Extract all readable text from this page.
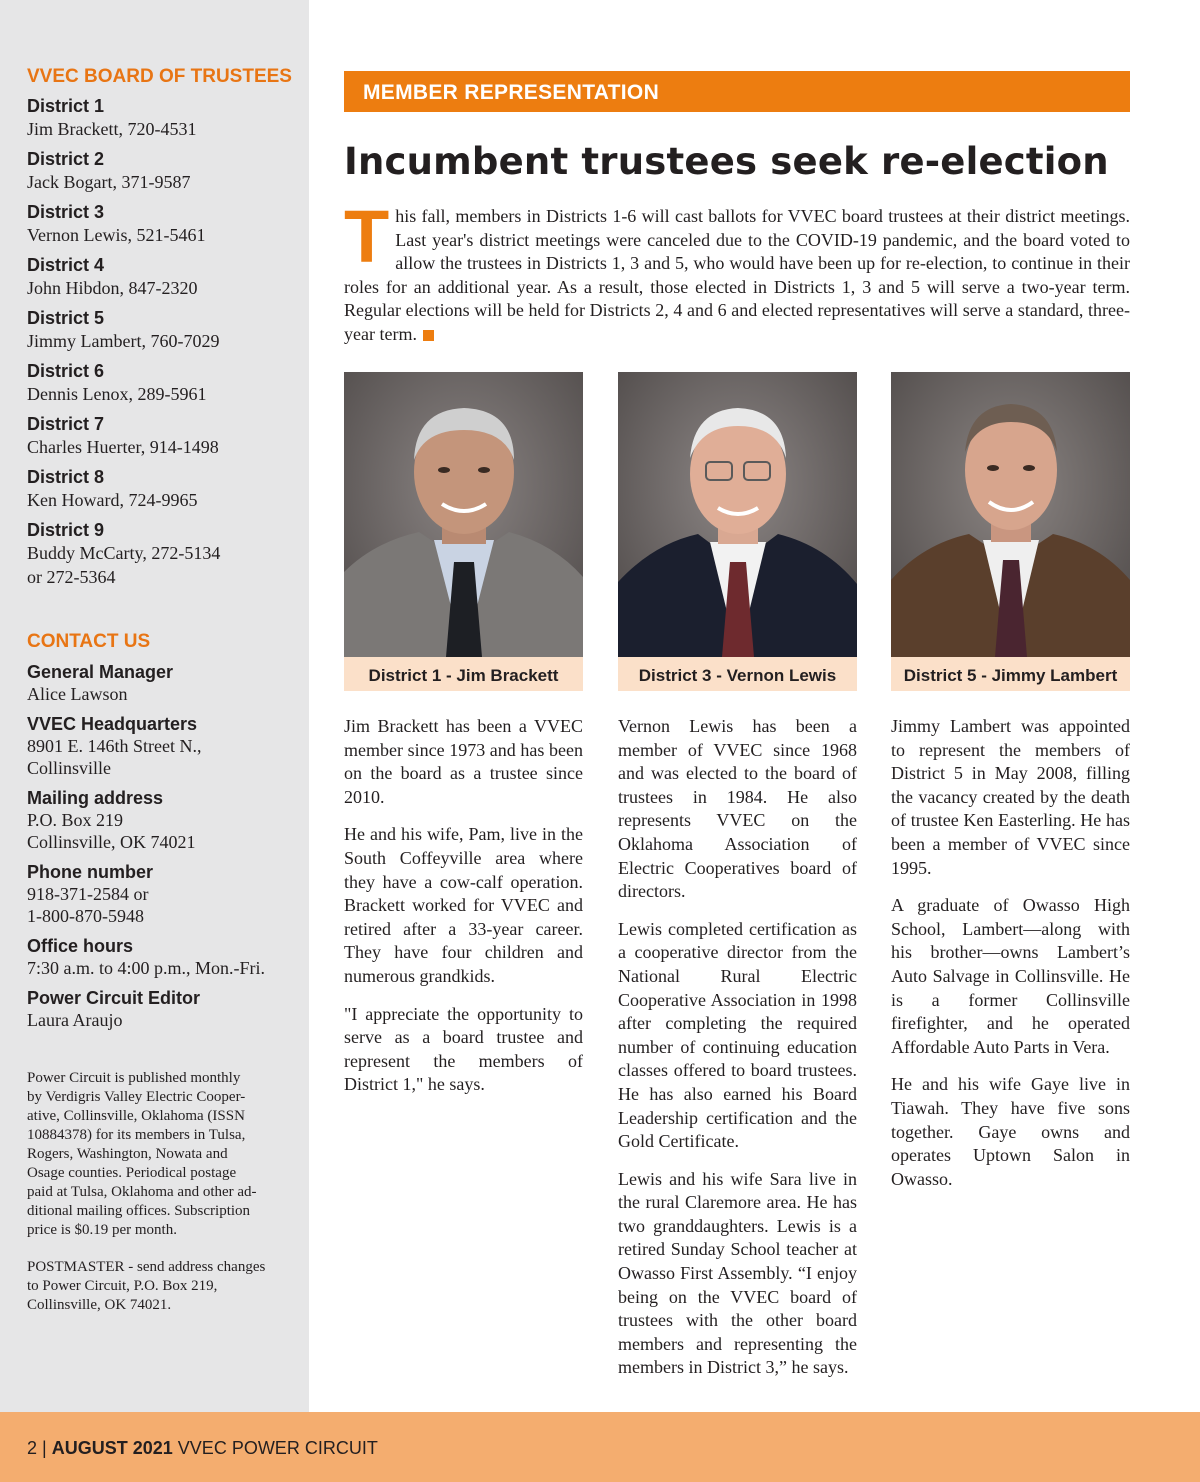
VVEC BOARD OF TRUSTEES
District 1
Jim Brackett, 720-4531
District 2
Jack Bogart, 371-9587
District 3
Vernon Lewis, 521-5461
District 4
John Hibdon, 847-2320
District 5
Jimmy Lambert, 760-7029
District 6
Dennis Lenox, 289-5961
District 7
Charles Huerter, 914-1498
District 8
Ken Howard, 724-9965
District 9
Buddy McCarty, 272-5134
or 272-5364
CONTACT US
General Manager
Alice Lawson
VVEC Headquarters
8901 E. 146th Street N.,
Collinsville
Mailing address
P.O. Box 219
Collinsville, OK 74021
Phone number
918-371-2584 or
1-800-870-5948
Office hours
7:30 a.m. to 4:00 p.m., Mon.-Fri.
Power Circuit Editor
Laura Araujo
Power Circuit is published monthly
by Verdigris Valley Electric Cooper-
ative, Collinsville, Oklahoma (ISSN
10884378) for its members in Tulsa,
Rogers, Washington, Nowata and
Osage counties. Periodical postage
paid at Tulsa, Oklahoma and other ad-
ditional mailing offices. Subscription
price is $0.19 per month.
POSTMASTER - send address changes
to Power Circuit, P.O. Box 219,
Collinsville, OK 74021.
MEMBER REPRESENTATION
Incumbent trustees seek re-election
This fall, members in Districts 1-6 will cast ballots for VVEC board trustees at their district meetings. Last year's district meetings were canceled due to the COVID-19 pandemic, and the board voted to allow the trustees in Districts 1, 3 and 5, who would have been up for re-election, to continue in their roles for an additional year. As a result, those elected in Districts 1, 3 and 5 will serve a two-year term. Regular elections will be held for Districts 2, 4 and 6 and elected representatives will serve a standard, three-year term.
District 1 - Jim Brackett

Jim Brackett has been a VVEC member since 1973 and has been on the board as a trustee since 2010.

He and his wife, Pam, live in the South Coffeyville area where they have a cow-calf operation. Brackett worked for VVEC and retired after a 33-year career. They have four children and numerous grandkids.

"I appreciate the opportunity to serve as a board trustee and represent the members of District 1," he says.

District 3 - Vernon Lewis

Vernon Lewis has been a member of VVEC since 1968 and was elected to the board of trustees in 1984. He also represents VVEC on the Oklahoma Association of Electric Cooperatives board of directors.

Lewis completed certification as a cooperative director from the National Rural Electric Cooperative Association in 1998 after completing the required number of continuing education classes offered to board trustees. He has also earned his Board Leadership certification and the Gold Certificate.

Lewis and his wife Sara live in the rural Claremore area. He has two granddaughters. Lewis is a retired Sunday School teacher at Owasso First Assembly. “I enjoy being on the VVEC board of trustees with the other board members and representing the members in District 3,” he says.

District 5 - Jimmy Lambert

Jimmy Lambert was appointed to represent the members of District 5 in May 2008, filling the vacancy created by the death of trustee Ken Easterling. He has been a member of VVEC since 1995.

A graduate of Owasso High School, Lambert—along with his brother—owns Lambert’s Auto Salvage in Collinsville. He is a former Collinsville firefighter, and he operated Affordable Auto Parts in Vera.

He and his wife Gaye live in Tiawah. They have five sons together. Gaye owns and operates Uptown Salon in Owasso.

2 | AUGUST 2021 VVEC POWER CIRCUIT
